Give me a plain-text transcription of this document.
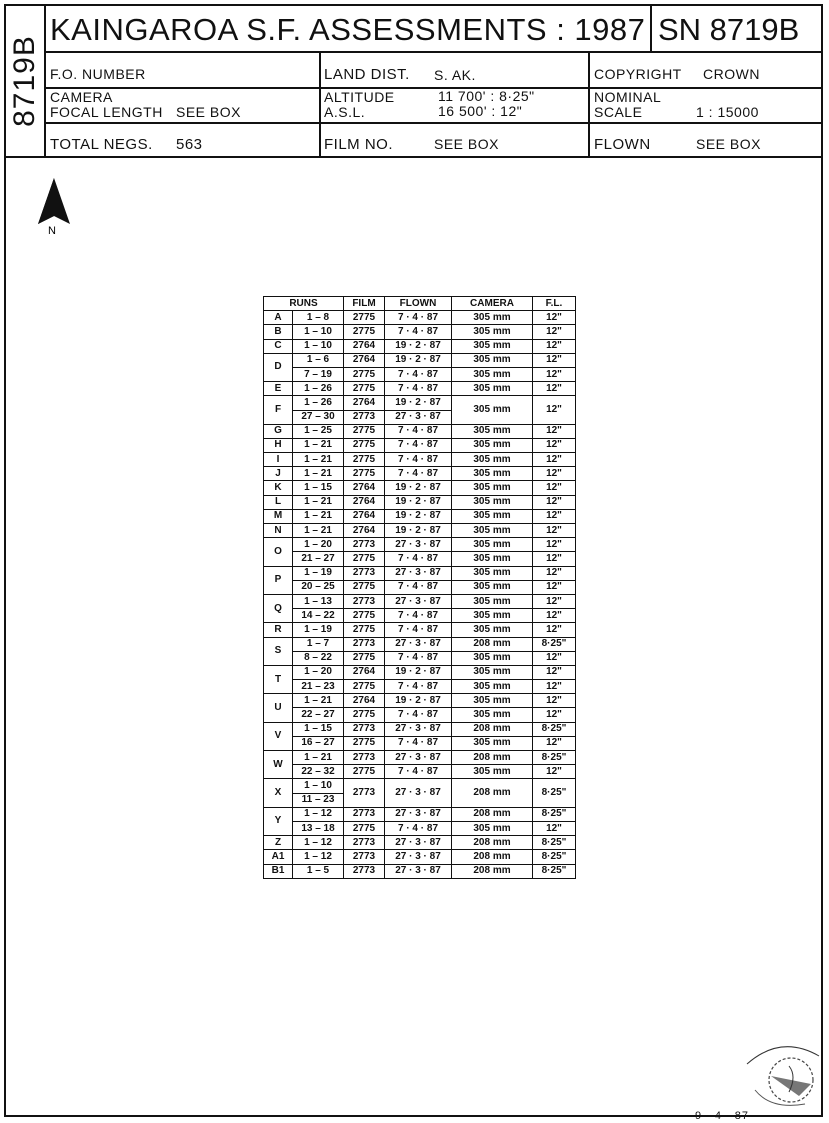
8719B
KAINGAROA S.F. ASSESSMENTS : 1987 SN 8719B
F.O. NUMBER	LAND DIST. S. AK.	COPYRIGHT CROWN
CAMERA
FOCAL LENGTH SEE BOX
ALTITUDE	11 700' : 8·25"
A.S.L.	16 500' : 12"
NOMINAL
SCALE	1 : 15000
TOTAL NEGS. 563	FILM NO.	SEE BOX	FLOWN	SEE BOX
N
RUNS		FILM	FLOWN	CAMERA	F.L.
A	1 – 8	2775	7 · 4 · 87	305 mm	12"
B	1 – 10	2775	7 · 4 · 87	305 mm	12"
C	1 – 10	2764	19 · 2 · 87	305 mm	12"
D	1 – 6	2764	19 · 2 · 87	305 mm	12"
	7 – 19	2775	7 · 4 · 87	305 mm	12"
E	1 – 26	2775	7 · 4 · 87	305 mm	12"
F	1 – 26	2764	19 · 2 · 87	305 mm	12"
	27 – 30	2773	27 · 3 · 87		
G	1 – 25	2775	7 · 4 · 87	305 mm	12"
H	1 – 21	2775	7 · 4 · 87	305 mm	12"
I	1 – 21	2775	7 · 4 · 87	305 mm	12"
J	1 – 21	2775	7 · 4 · 87	305 mm	12"
K	1 – 15	2764	19 · 2 · 87	305 mm	12"
L	1 – 21	2764	19 · 2 · 87	305 mm	12"
M	1 – 21	2764	19 · 2 · 87	305 mm	12"
N	1 – 21	2764	19 · 2 · 87	305 mm	12"
O	1 – 20	2773	27 · 3 · 87	305 mm	12"
	21 – 27	2775	7 · 4 · 87	305 mm	12"
P	1 – 19	2773	27 · 3 · 87	305 mm	12"
	20 – 25	2775	7 · 4 · 87	305 mm	12"
Q	1 – 13	2773	27 · 3 · 87	305 mm	12"
	14 – 22	2775	7 · 4 · 87	305 mm	12"
R	1 – 19	2775	7 · 4 · 87	305 mm	12"
S	1 – 7	2773	27 · 3 · 87	208 mm	8·25"
	8 – 22	2775	7 · 4 · 87	305 mm	12"
T	1 – 20	2764	19 · 2 · 87	305 mm	12"
	21 – 23	2775	7 · 4 · 87	305 mm	12"
U	1 – 21	2764	19 · 2 · 87	305 mm	12"
	22 – 27	2775	7 · 4 · 87	305 mm	12"
V	1 – 15	2773	27 · 3 · 87	208 mm	8·25"
	16 – 27	2775	7 · 4 · 87	305 mm	12"
W	1 – 21	2773	27 · 3 · 87	208 mm	8·25"
	22 – 32	2775	7 · 4 · 87	305 mm	12"
X	1 – 10	2773	27 · 3 · 87	208 mm	8·25"
	11 – 23				
Y	1 – 12	2773	27 · 3 · 87	208 mm	8·25"
	13 – 18	2775	7 · 4 · 87	305 mm	12"
Z	1 – 12	2773	27 · 3 · 87	208 mm	8·25"
A1	1 – 12	2773	27 · 3 · 87	208 mm	8·25"
B1	1 – 5	2773	27 · 3 · 87	208 mm	8·25"
9 · 4 · 87
